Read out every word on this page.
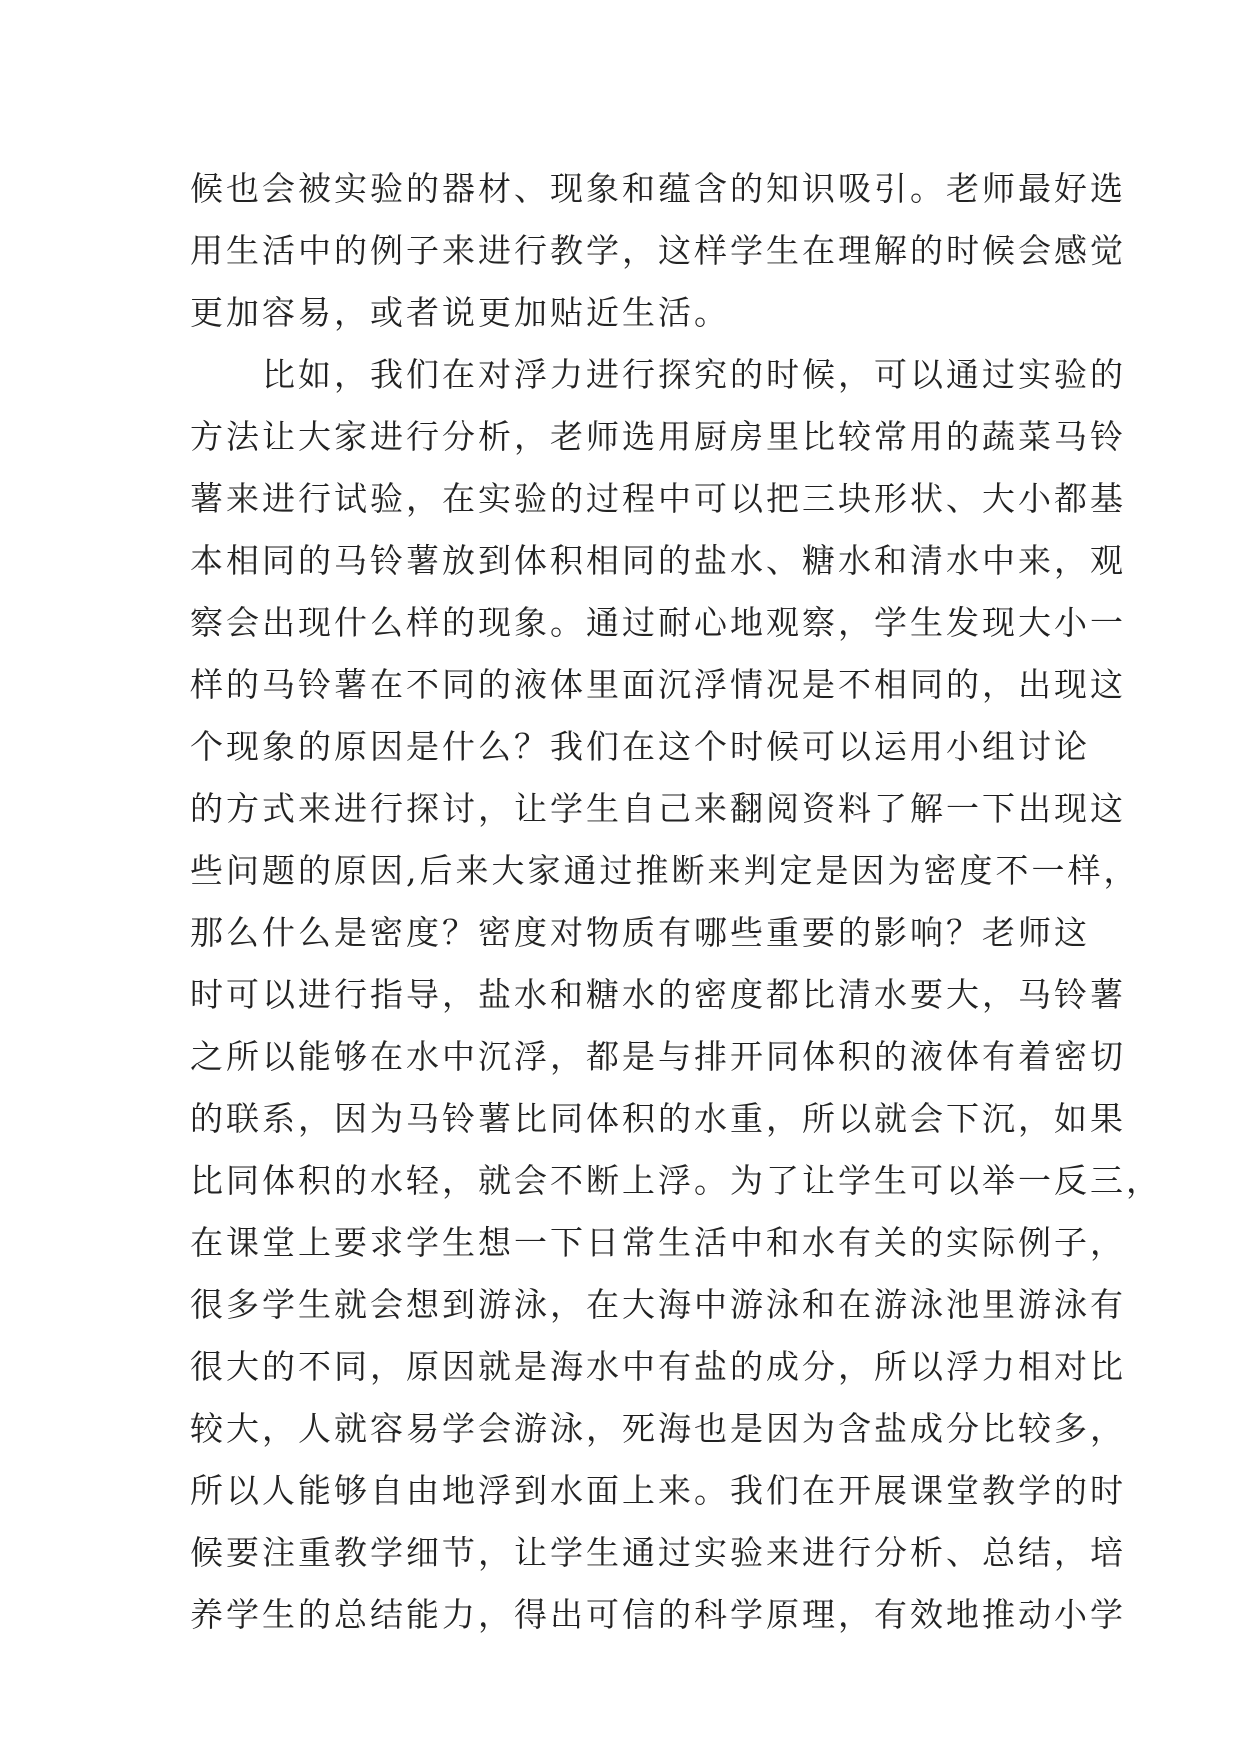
候也会被实验的器材、现象和蕴含的知识吸引。老师最好选
用生活中的例子来进行教学，这样学生在理解的时候会感觉
更加容易，或者说更加贴近生活。
　　比如，我们在对浮力进行探究的时候，可以通过实验的
方法让大家进行分析，老师选用厨房里比较常用的蔬菜马铃
薯来进行试验，在实验的过程中可以把三块形状、大小都基
本相同的马铃薯放到体积相同的盐水、糖水和清水中来，观
察会出现什么样的现象。通过耐心地观察，学生发现大小一
样的马铃薯在不同的液体里面沉浮情况是不相同的，出现这
个现象的原因是什么？我们在这个时候可以运用小组讨论
的方式来进行探讨，让学生自己来翻阅资料了解一下出现这
些问题的原因,后来大家通过推断来判定是因为密度不一样，
那么什么是密度？密度对物质有哪些重要的影响？老师这
时可以进行指导，盐水和糖水的密度都比清水要大，马铃薯
之所以能够在水中沉浮，都是与排开同体积的液体有着密切
的联系，因为马铃薯比同体积的水重，所以就会下沉，如果
比同体积的水轻，就会不断上浮。为了让学生可以举一反三，
在课堂上要求学生想一下日常生活中和水有关的实际例子，
很多学生就会想到游泳，在大海中游泳和在游泳池里游泳有
很大的不同，原因就是海水中有盐的成分，所以浮力相对比
较大，人就容易学会游泳，死海也是因为含盐成分比较多，
所以人能够自由地浮到水面上来。我们在开展课堂教学的时
候要注重教学细节，让学生通过实验来进行分析、总结，培
养学生的总结能力，得出可信的科学原理，有效地推动小学
